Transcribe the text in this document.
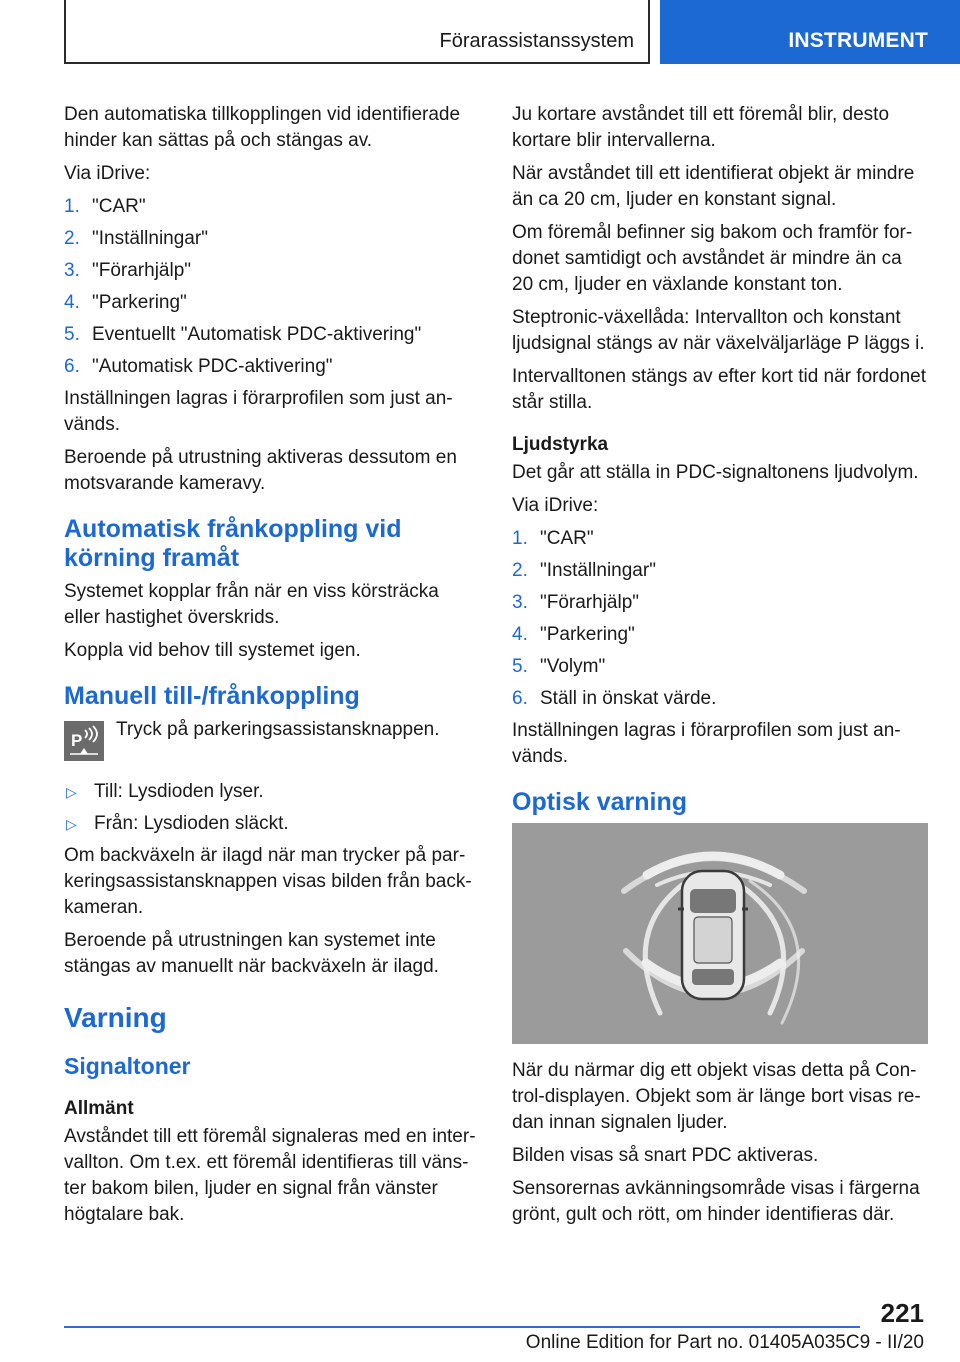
Förarassistanssystem	INSTRUMENT

Den automatiska tillkopplingen vid identifierade hinder kan sättas på och stängas av.

Via iDrive:

1. "CAR"
2. "Inställningar"
3. "Förarhjälp"
4. "Parkering"
5. Eventuellt "Automatisk PDC-aktivering"
6. "Automatisk PDC-aktivering"

Inställningen lagras i förarprofilen som just an- vänds.

Beroende på utrustning aktiveras dessutom en motsvarande kameravy.

Automatisk frånkoppling vid körning framåt

Systemet kopplar från när en viss körsträcka eller hastighet överskrids.

Koppla vid behov till systemet igen.

Manuell till-/frånkoppling
P
Tryck på parkeringsassistansknappen.
▷ Till: Lysdioden lyser.
▷ Från: Lysdioden släckt.

Om backväxeln är ilagd när man trycker på par- keringsassistansknappen visas bilden från back- kameran.

Beroende på utrustningen kan systemet inte stängas av manuellt när backväxeln är ilagd.

Varning
Signaltoner
Allmänt

Avståndet till ett föremål signaleras med en inter- vallton. Om t.ex. ett föremål identifieras till väns- ter bakom bilen, ljuder en signal från vänster högtalare bak.

Ju kortare avståndet till ett föremål blir, desto kortare blir intervallerna.

När avståndet till ett identifierat objekt är mindre än ca 20 cm, ljuder en konstant signal.

Om föremål befinner sig bakom och framför for- donet samtidigt och avståndet är mindre än ca 20 cm, ljuder en växlande konstant ton.

Steptronic-växellåda: Intervallton och konstant ljudsignal stängs av när växelväljarläge P läggs i.

Intervalltonen stängs av efter kort tid när fordonet står stilla.

Ljudstyrka

Det går att ställa in PDC-signaltonens ljudvolym.

Via iDrive:

1. "CAR"
2. "Inställningar"
3. "Förarhjälp"
4. "Parkering"
5. "Volym"
6. Ställ in önskat värde.

Inställningen lagras i förarprofilen som just an- vänds.

Optisk varning

När du närmar dig ett objekt visas detta på Con- trol-displayen. Objekt som är länge bort visas re- dan innan signalen ljuder.

Bilden visas så snart PDC aktiveras.

Sensorernas avkänningsområde visas i färgerna grönt, gult och rött, om hinder identifieras där.

221
Online Edition for Part no. 01405A035C9 - II/20
